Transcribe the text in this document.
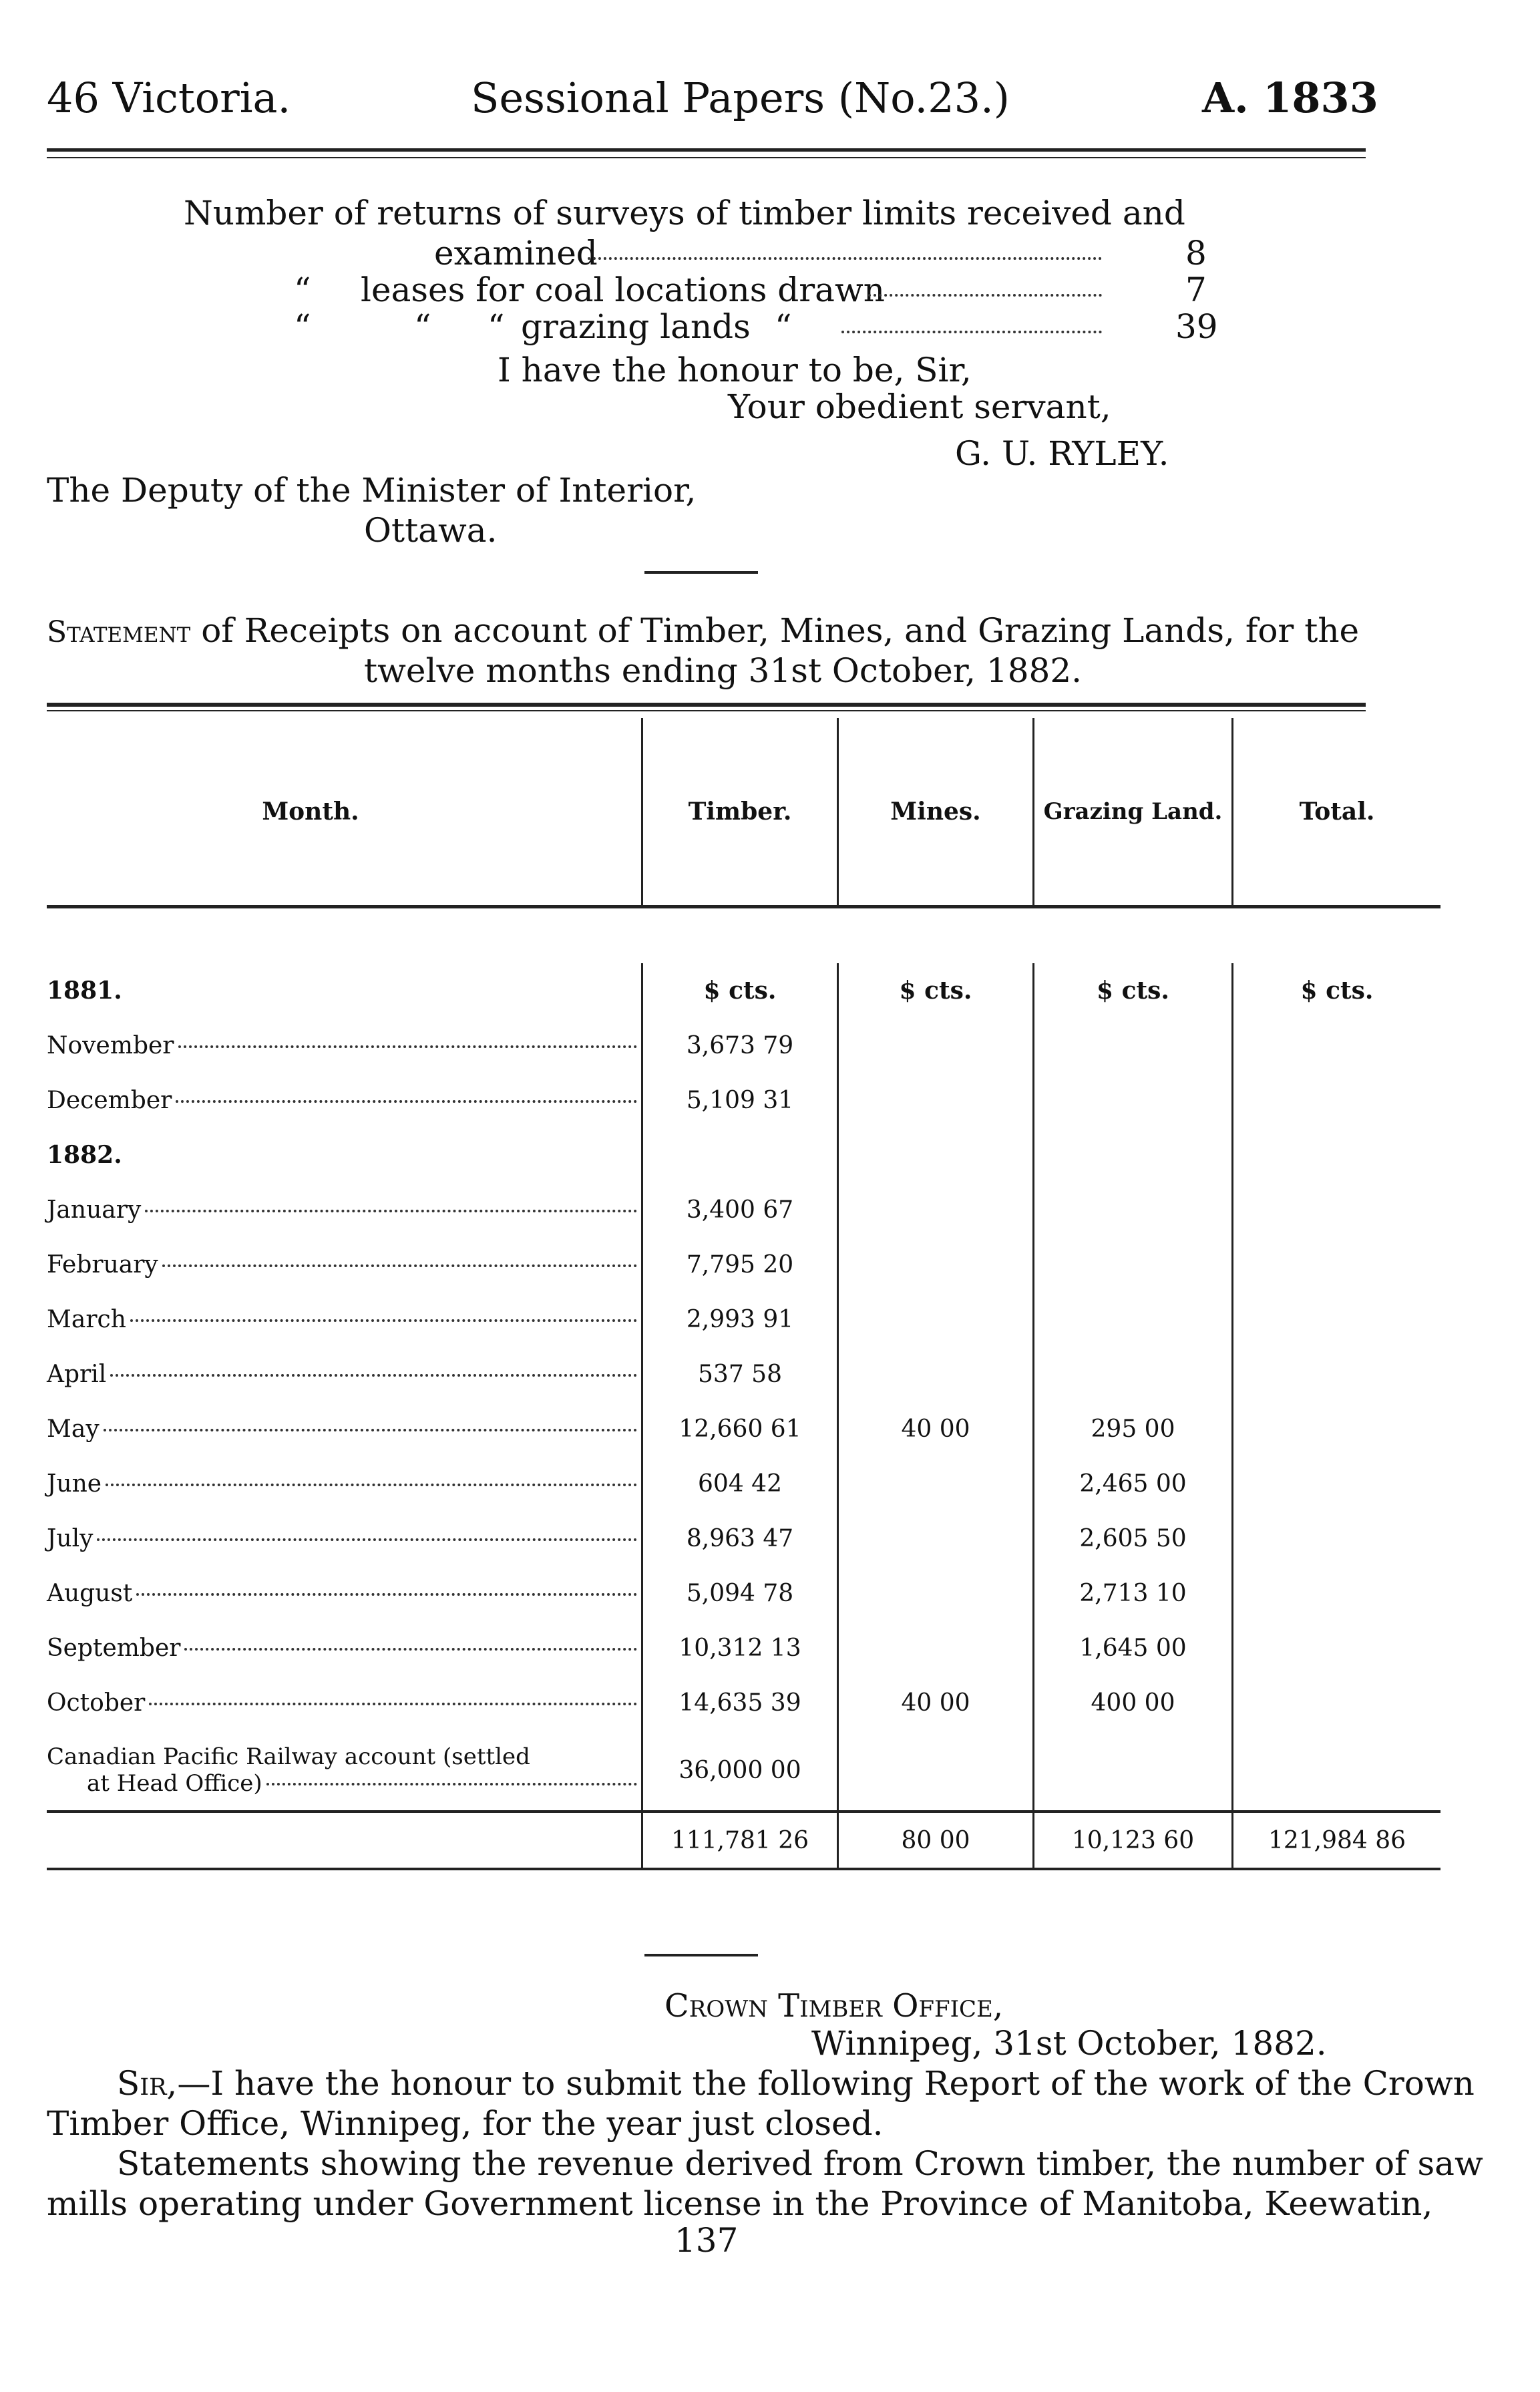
46 Victoria.	Sessional Papers (No.23.)	A. 1833
Number of returns of surveys of timber limits received and
examined	8
“ leases for coal locations drawn	7
“	“ “ grazing lands “	39
I have the honour to be, Sir,
Your obedient servant,
G. U. RYLEY.
The Deputy of the Minister of Interior,
Ottawa.
Statement of Receipts on account of Timber, Mines, and Grazing Lands, for the
twelve months ending 31st October, 1882.
Month.	Timber.	Mines.	Grazing Land.	Total.

1881.	$ cts.	$ cts.	$ cts.	$ cts.

November	3,673 79			

December	5,109 31			
1882.				

January	3,400 67			

February	7,795 20			

March	2,993 91			

April	537 58			

May	12,660 61	40 00	295 00	

June	604 42		2,465 00	

July	8,963 47		2,605 50	

August	5,094 78		2,713 10	

September	10,312 13		1,645 00	

October	14,635 39	40 00	400 00	

Canadian Pacific Railway account (settled
at Head Office)	36,000 00			
	111,781 26	80 00	10,123 60	121,984 86
Crown Timber Office,
Winnipeg, 31st October, 1882.
Sir,—I have the honour to submit the following Report of the work of the Crown
Timber Office, Winnipeg, for the year just closed.
Statements showing the revenue derived from Crown timber, the number of saw
mills operating under Government license in the Province of Manitoba, Keewatin,
137
